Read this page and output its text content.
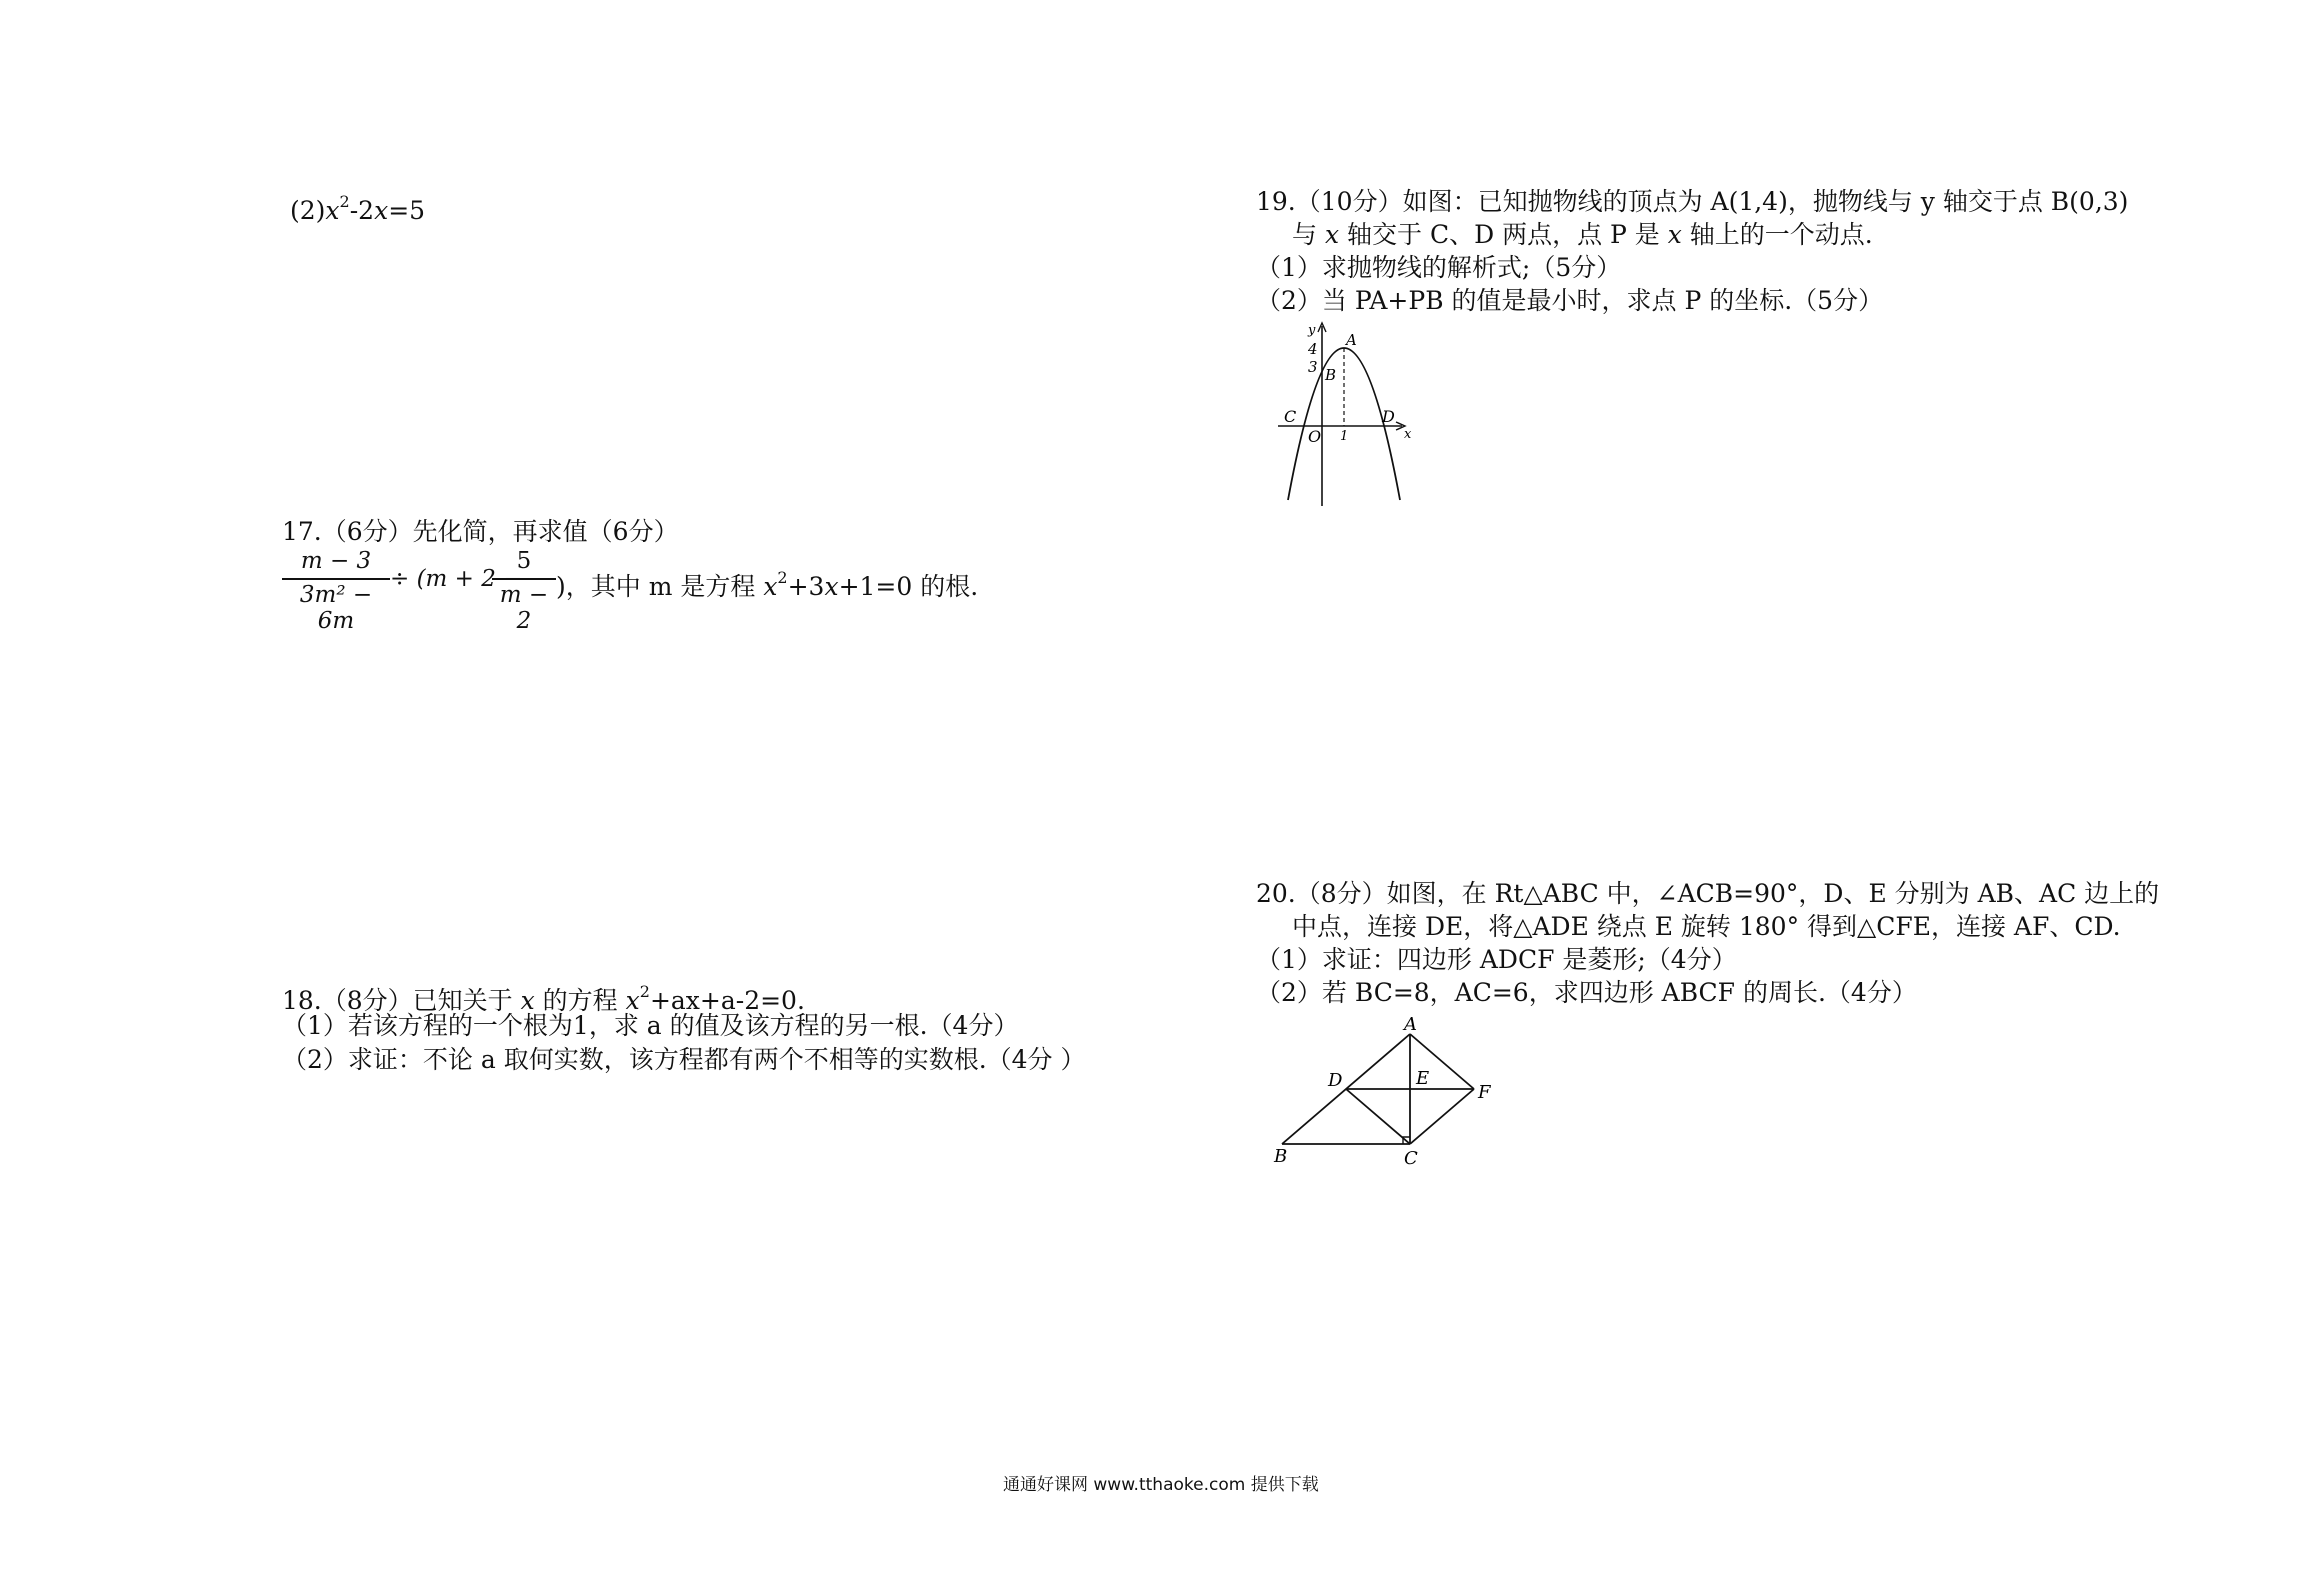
$(2)x^2-2x=5$
17.（6分）先化简，再求值（6分）
m − 3
3m² − 6m
÷ (m + 2 −
5
m − 2
)，其中 m 是方程 $x^2+3x+1=0$ 的根.
18.（8分）已知关于 x 的方程 $x^2+ax+a-2=0$.
（1）若该方程的一个根为1，求 a 的值及该方程的另一根.（4分）
（2）求证：不论 a 取何实数，该方程都有两个不相等的实数根.（4分 ）
19.（10分）如图：已知抛物线的顶点为 A(1,4)，抛物线与 y 轴交于点 B(0,3)
与 x 轴交于 C、D 两点，点 P 是 x 轴上的一个动点.
（1）求抛物线的解析式;（5分）
（2）当 PA+PB 的值是最小时，求点 P 的坐标.（5分）
y
4
3
A
B
C	D
O 1	x
20.（8分）如图，在 Rt△ABC 中，∠ACB=90°，D、E 分别为 AB、AC 边上的
中点，连接 DE，将△ADE 绕点 E 旋转 180° 得到△CFE，连接 AF、CD.
（1）求证：四边形 ADCF 是菱形;（4分）
（2）若 BC=8，AC=6，求四边形 ABCF 的周长.（4分）
A
B	C
D	E
F
通通好课网 www.tthaoke.com 提供下载
